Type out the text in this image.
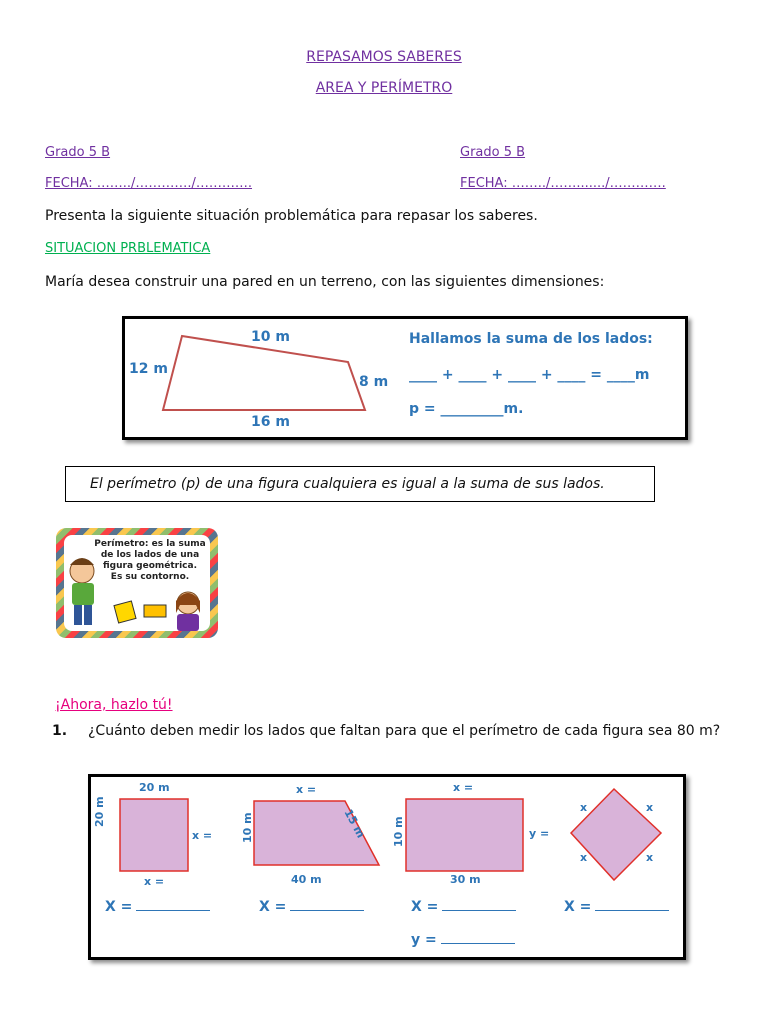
REPASAMOS SABERES
AREA Y PERÍMETRO
Grado 5 B	Grado 5 B
FECHA: ……../…………./………….	FECHA: ……../……......./………….
Presenta la siguiente situación problemática para repasar los saberes.
SITUACION PRBLEMATICA
María desea construir una pared en un terreno, con las siguientes dimensiones:
10 m
12 m
8 m
16 m
Hallamos la suma de los lados:
____ + ____ + ____ + ____ = ____m
p = _________m.
El perímetro (p) de una figura cualquiera es igual a la suma de sus lados.
Perímetro: es la suma
de los lados de una
figura geométrica.
Es su contorno.
¡Ahora, hazlo tú!
1. ¿Cuánto deben medir los lados que faltan para que el perímetro de cada figura sea 80 m?
20 m
20 m
x =
x =
x =
10 m	15 m
40 m
x =
10 m	y =
30 m
x	x
x	x
X =	X =	X =	X =
y =
